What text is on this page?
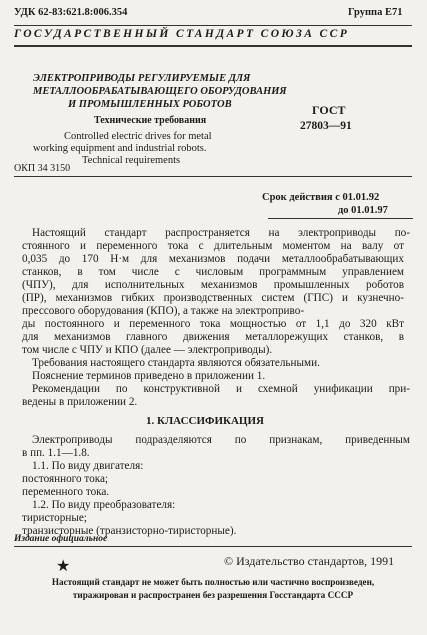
УДК 62-83:621.8:006.354	Группа Е71
ГОСУДАРСТВЕННЫЙ СТАНДАРТ СОЮЗА ССР
ЭЛЕКТРОПРИВОДЫ РЕГУЛИРУЕМЫЕ ДЛЯ
МЕТАЛЛООБРАБАТЫВАЮЩЕГО ОБОРУДОВАНИЯ
И ПРОМЫШЛЕННЫХ РОБОТОВ
Технические требования
Controlled electric drives for metal
working equipment and industrial robots.
Technical requirements
ГОСТ
27803—91
ОКП 34 3150
Срок действия с 01.01.92
до 01.01.97
Настоящий стандарт распространяется на электроприводы по-
стоянного и переменного тока с длительным моментом на валу от
0,035 до 170 Н·м для механизмов подачи металлообрабатывающих
станков, в том числе с числовым программным управлением
(ЧПУ), для исполнительных механизмов промышленных роботов
(ПР), механизмов гибких производственных систем (ГПС) и кузнечно-прессового оборудования (КПО), а также на электроприво-
ды постоянного и переменного тока мощностью от 1,1 до 320 кВт
для механизмов главного движения металлорежущих станков, в
том числе с ЧПУ и КПО (далее — электроприводы).
Требования настоящего стандарта являются обязательными.
Пояснение терминов приведено в приложении 1.
Рекомендации по конструктивной и схемной унификации при-
ведены в приложении 2.
1. КЛАССИФИКАЦИЯ
Электроприводы подразделяются по признакам, приведенным
в пп. 1.1—1.8.
1.1. По виду двигателя:
постоянного тока;
переменного тока.
1.2. По виду преобразователя:
тиристорные;
транзисторные (транзисторно-тиристорные).
Издание официальное
★	© Издательство стандартов, 1991
Настоящий стандарт не может быть полностью или частично воспроизведен,
тиражирован и распространен без разрешения Госстандарта СССР
